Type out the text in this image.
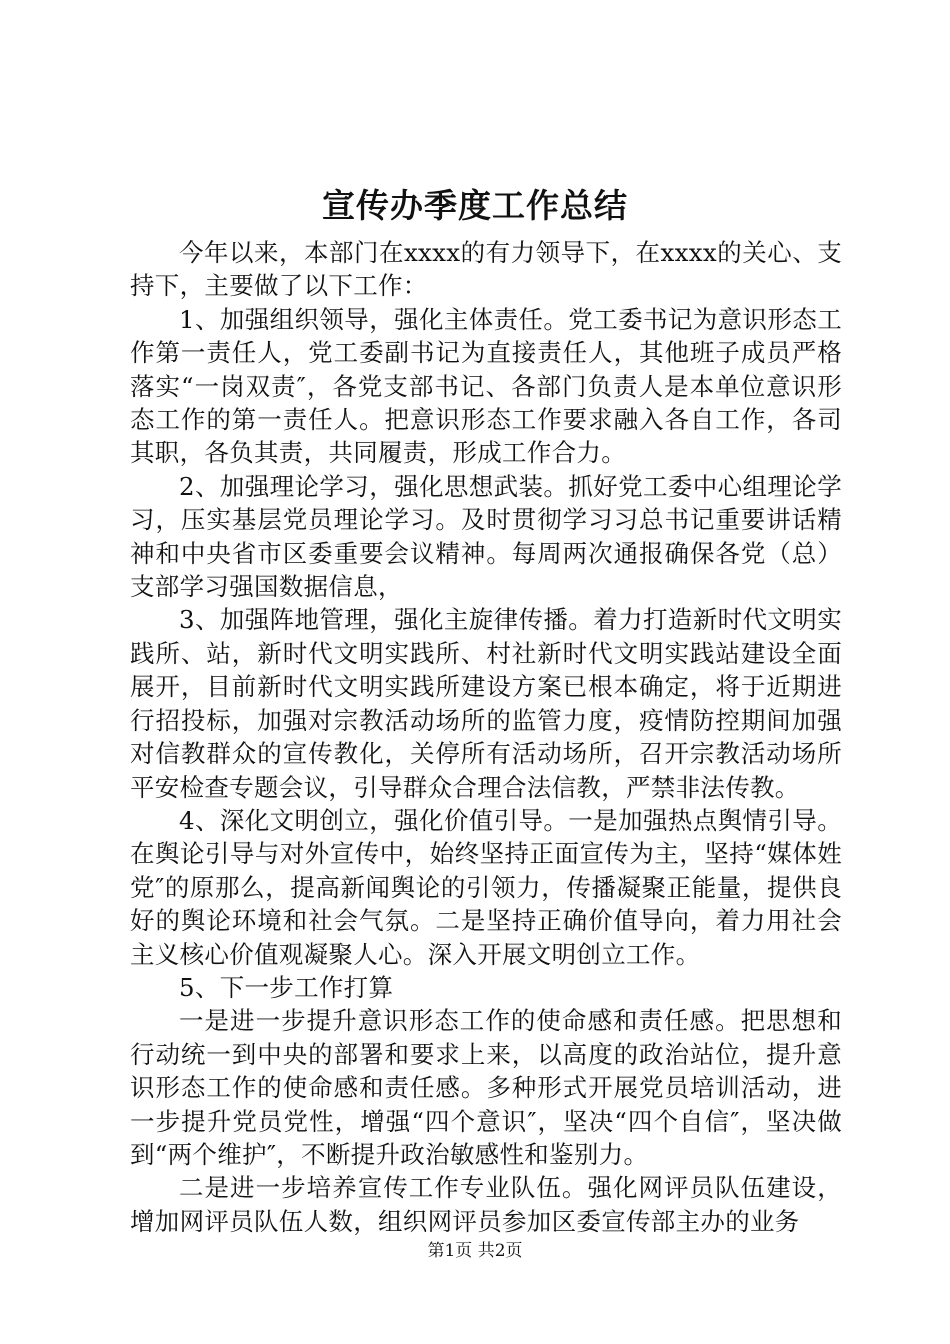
宣传办季度工作总结

今年以来，本部门在xxxx的有力领导下，在xxxx的关心、支持下，主要做了以下工作：

1、加强组织领导，强化主体责任。党工委书记为意识形态工作第一责任人，党工委副书记为直接责任人，其他班子成员严格落实“一岗双责″，各党支部书记、各部门负责人是本单位意识形态工作的第一责任人。把意识形态工作要求融入各自工作，各司其职，各负其责，共同履责，形成工作合力。

2、加强理论学习，强化思想武装。抓好党工委中心组理论学习，压实基层党员理论学习。及时贯彻学习习总书记重要讲话精神和中央省市区委重要会议精神。每周两次通报确保各党（总）支部学习强国数据信息，

3、加强阵地管理，强化主旋律传播。着力打造新时代文明实践所、站，新时代文明实践所、村社新时代文明实践站建设全面展开，目前新时代文明实践所建设方案已根本确定，将于近期进行招投标，加强对宗教活动场所的监管力度，疫情防控期间加强对信教群众的宣传教化，关停所有活动场所，召开宗教活动场所平安检查专题会议，引导群众合理合法信教，严禁非法传教。

4、深化文明创立，强化价值引导。一是加强热点舆情引导。在舆论引导与对外宣传中，始终坚持正面宣传为主，坚持“媒体姓党″的原那么，提高新闻舆论的引领力，传播凝聚正能量，提供良好的舆论环境和社会气氛。二是坚持正确价值导向，着力用社会主义核心价值观凝聚人心。深入开展文明创立工作。

5、下一步工作打算

一是进一步提升意识形态工作的使命感和责任感。把思想和行动统一到中央的部署和要求上来，以高度的政治站位，提升意识形态工作的使命感和责任感。多种形式开展党员培训活动，进一步提升党员党性，增强“四个意识″，坚决“四个自信″，坚决做到“两个维护″，不断提升政治敏感性和鉴别力。

二是进一步培养宣传工作专业队伍。强化网评员队伍建设，增加网评员队伍人数，组织网评员参加区委宣传部主办的业务

第1页 共2页
